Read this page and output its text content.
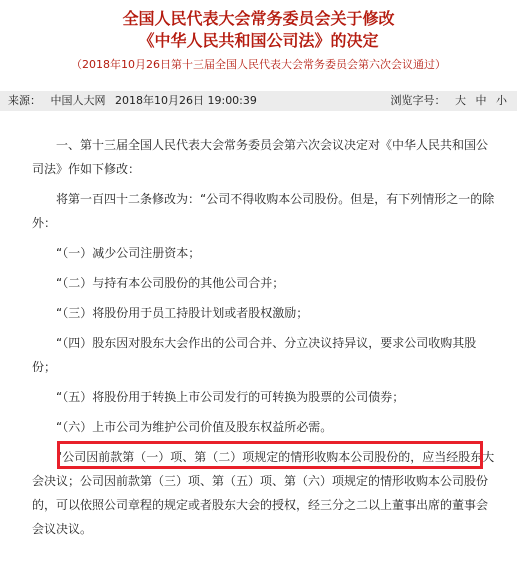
全国人民代表大会常务委员会关于修改
《中华人民共和国公司法》的决定
（2018年10月26日第十三届全国人民代表大会常务委员会第六次会议通过）
来源： 中国人大网 2018年10月26日 19:00:39	浏览字号： 大 中 小

一、第十三届全国人民代表大会常务委员会第六次会议决定对《中华人民共和国公司法》作如下修改：

将第一百四十二条修改为：“公司不得收购本公司股份。但是，有下列情形之一的除外：

“（一）减少公司注册资本；

“（二）与持有本公司股份的其他公司合并；

“（三）将股份用于员工持股计划或者股权激励；

“（四）股东因对股东大会作出的公司合并、分立决议持异议，要求公司收购其股份；

“（五）将股份用于转换上市公司发行的可转换为股票的公司债券；

“（六）上市公司为维护公司价值及股东权益所必需。

“公司因前款第（一）项、第（二）项规定的情形收购本公司股份的，应当经股东大会决议；公司因前款第（三）项、第（五）项、第（六）项规定的情形收购本公司股份的，可以依照公司章程的规定或者股东大会的授权，经三分之二以上董事出席的董事会会议决议。
